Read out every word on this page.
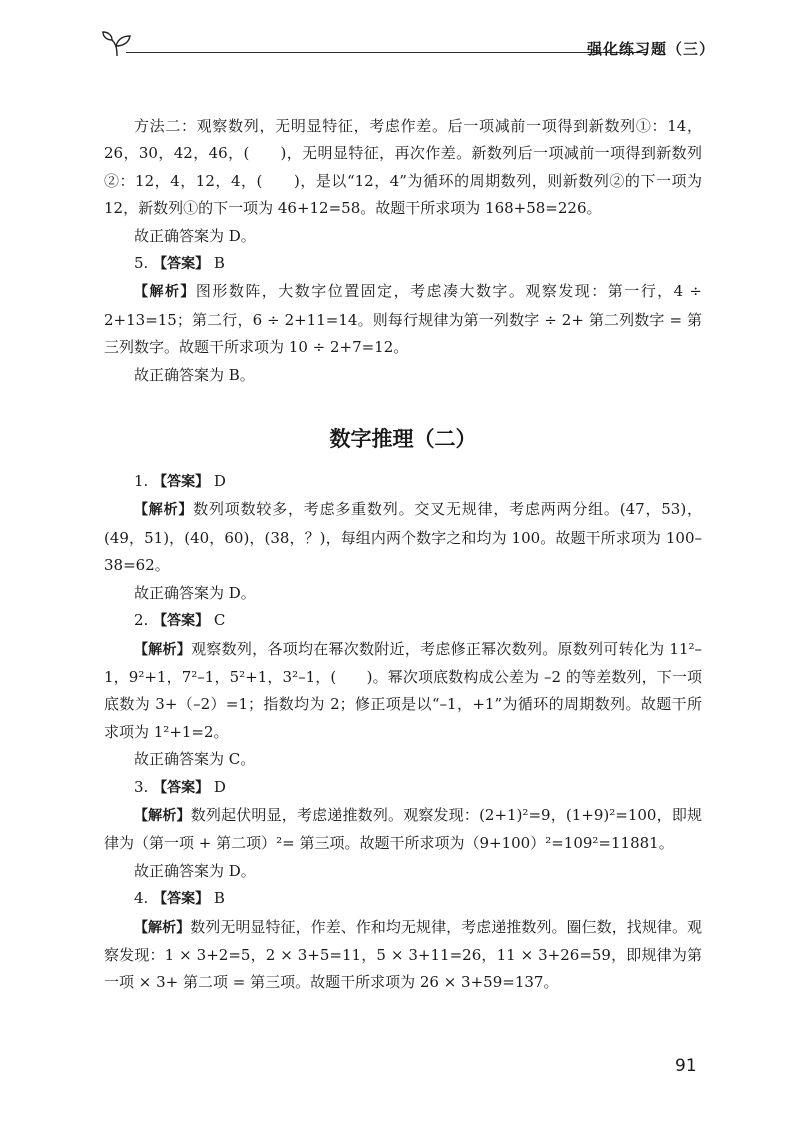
强化练习题（三）

方法二：观察数列，无明显特征，考虑作差。后一项减前一项得到新数列①：14，26，30，42，46，(　　)，无明显特征，再次作差。新数列后一项减前一项得到新数列②：12，4，12，4，(　　)，是以“12，4”为循环的周期数列，则新数列②的下一项为 12，新数列①的下一项为 46+12=58。故题干所求项为 168+58=226。

故正确答案为 D。

5. 【答案】 B

【解析】图形数阵，大数字位置固定，考虑凑大数字。观察发现：第一行，4 ÷ 2+13=15；第二行，6 ÷ 2+11=14。则每行规律为第一列数字 ÷ 2+ 第二列数字 = 第三列数字。故题干所求项为 10 ÷ 2+7=12。

故正确答案为 B。

数字推理（二）
1. 【答案】 D

【解析】数列项数较多，考虑多重数列。交叉无规律，考虑两两分组。(47，53)，(49，51)，(40，60)，(38，？)，每组内两个数字之和均为 100。故题干所求项为 100–38=62。

故正确答案为 D。

2. 【答案】 C

【解析】观察数列，各项均在幂次数附近，考虑修正幂次数列。原数列可转化为 11²–1，9²+1，7²–1，5²+1，3²–1，(　　)。幂次项底数构成公差为 –2 的等差数列，下一项底数为 3+（–2）=1；指数均为 2；修正项是以“–1，+1”为循环的周期数列。故题干所求项为 1²+1=2。

故正确答案为 C。

3. 【答案】 D

【解析】数列起伏明显，考虑递推数列。观察发现：(2+1)²=9，(1+9)²=100，即规律为（第一项 + 第二项）²= 第三项。故题干所求项为（9+100）²=109²=11881。

故正确答案为 D。

4. 【答案】 B

【解析】数列无明显特征，作差、作和均无规律，考虑递推数列。圈仨数，找规律。观察发现：1 × 3+2=5，2 × 3+5=11，5 × 3+11=26，11 × 3+26=59，即规律为第一项 × 3+ 第二项 = 第三项。故题干所求项为 26 × 3+59=137。

91
